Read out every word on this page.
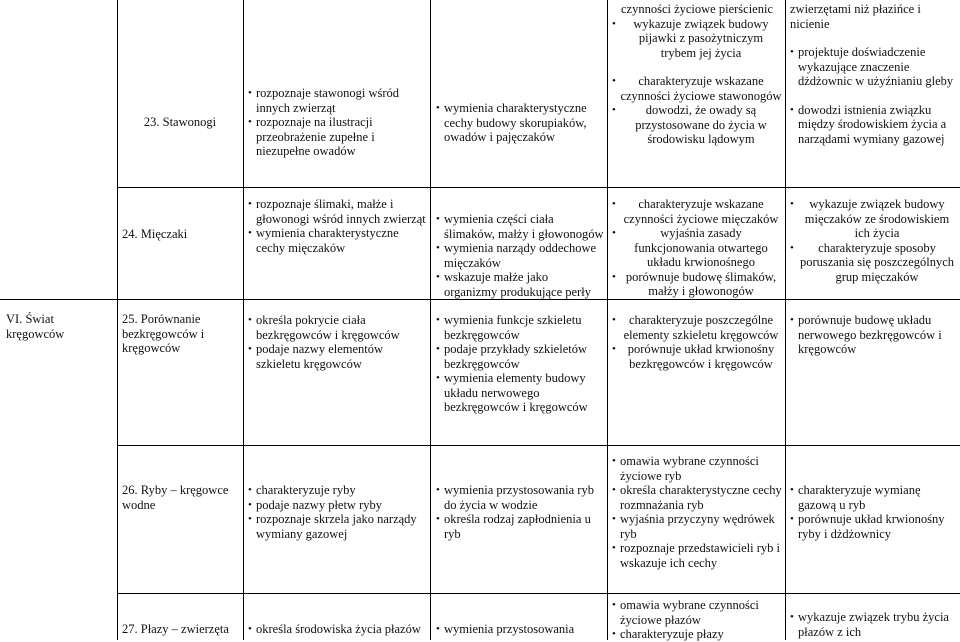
23. Stawonogi
• rozpoznaje stawonogi wśród innych zwierząt
• rozpoznaje na ilustracji przeobrażenie zupełne i niezupełne owadów
• wymienia charakterystyczne cechy budowy skorupiaków, owadów i pajęczaków
czynności życiowe pierścienic
• wykazuje związek budowy pijawki z pasożytniczym trybem jej życia
• charakteryzuje wskazane czynności życiowe stawonogów
• dowodzi, że owady są przystosowane do życia w środowisku lądowym
zwierzętami niż płazińce i nicienie
• projektuje doświadczenie wykazujące znaczenie dżdżownic w użyźnianiu gleby
• dowodzi istnienia związku między środowiskiem życia a narządami wymiany gazowej
24. Mięczaki
• rozpoznaje ślimaki, małże i głowonogi wśród innych zwierząt
• wymienia charakterystyczne cechy mięczaków
• wymienia części ciała ślimaków, małży i głowonogów
• wymienia narządy oddechowe mięczaków
• wskazuje małże jako organizmy produkujące perły
• charakteryzuje wskazane czynności życiowe mięczaków
• wyjaśnia zasady funkcjonowania otwartego układu krwionośnego
• porównuje budowę ślimaków, małży i głowonogów
• wykazuje związek budowy mięczaków ze środowiskiem ich życia
• charakteryzuje sposoby poruszania się poszczególnych grup mięczaków
VI. Świat kręgowców
25. Porównanie bezkręgowców i kręgowców
• określa pokrycie ciała bezkręgowców i kręgowców
• podaje nazwy elementów szkieletu kręgowców
• wymienia funkcje szkieletu bezkręgowców
• podaje przykłady szkieletów bezkręgowców
• wymienia elementy budowy układu nerwowego bezkręgowców i kręgowców
• charakteryzuje poszczególne elementy szkieletu kręgowców
• porównuje układ krwionośny bezkręgowców i kręgowców
• porównuje budowę układu nerwowego bezkręgowców i kręgowców
26. Ryby – kręgowce wodne
• charakteryzuje ryby
• podaje nazwy płetw ryby
• rozpoznaje skrzela jako narządy wymiany gazowej
• wymienia przystosowania ryb do życia w wodzie
• określa rodzaj zapłodnienia u ryb
• omawia wybrane czynności życiowe ryb
• określa charakterystyczne cechy rozmnażania ryb
• wyjaśnia przyczyny wędrówek ryb
• rozpoznaje przedstawicieli ryb i wskazuje ich cechy
• charakteryzuje wymianę gazową u ryb
• porównuje układ krwionośny ryby i dżdżownicy
27. Płazy – zwierzęta	• określa środowiska życia płazów	• wymienia przystosowania
• omawia wybrane czynności życiowe płazów
• charakteryzuje płazy
• wykazuje związek trybu życia płazów z ich
